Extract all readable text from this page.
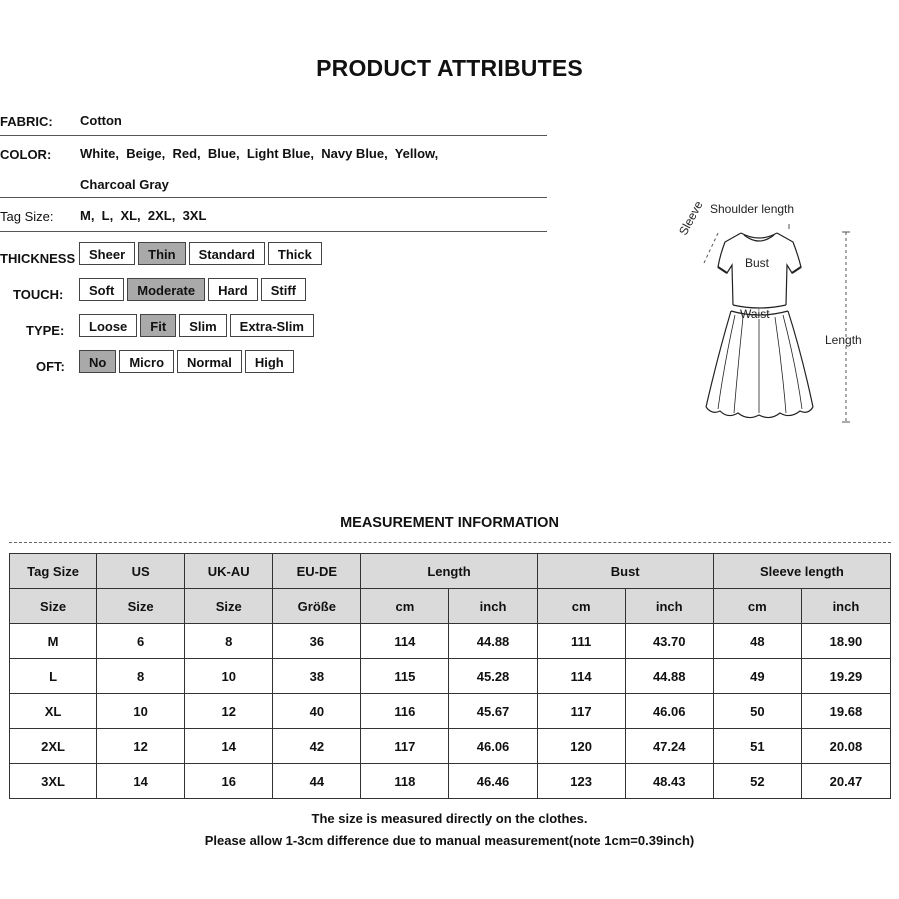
PRODUCT ATTRIBUTES
FABRIC: Cotton
COLOR: White,  Beige,  Red,  Blue,  Light Blue,  Navy Blue,  Yellow,
Charcoal Gray
Tag Size: M,  L,  XL,  2XL,  3XL
THICKNESS	Sheer	Thin	Standard	Thick
TOUCH:	Soft	Moderate	Hard	Stiff
TYPE:	Loose	Fit	Slim	Extra-Slim
OFT:	No	Micro	Normal	High
Shoulder length
Sleeve
Bust
Waist
Length
MEASUREMENT INFORMATION
Tag Size	US	UK-AU	EU-DE	Length		Bust		Sleeve length	
Size	Size	Size	Größe	cm	inch	cm	inch	cm	inch
M	6	8	36	114	44.88	111	43.70	48	18.90
L	8	10	38	115	45.28	114	44.88	49	19.29
XL	10	12	40	116	45.67	117	46.06	50	19.68
2XL	12	14	42	117	46.06	120	47.24	51	20.08
3XL	14	16	44	118	46.46	123	48.43	52	20.47
The size is measured directly on the clothes.
Please allow 1-3cm difference due to manual measurement(note 1cm=0.39inch)
